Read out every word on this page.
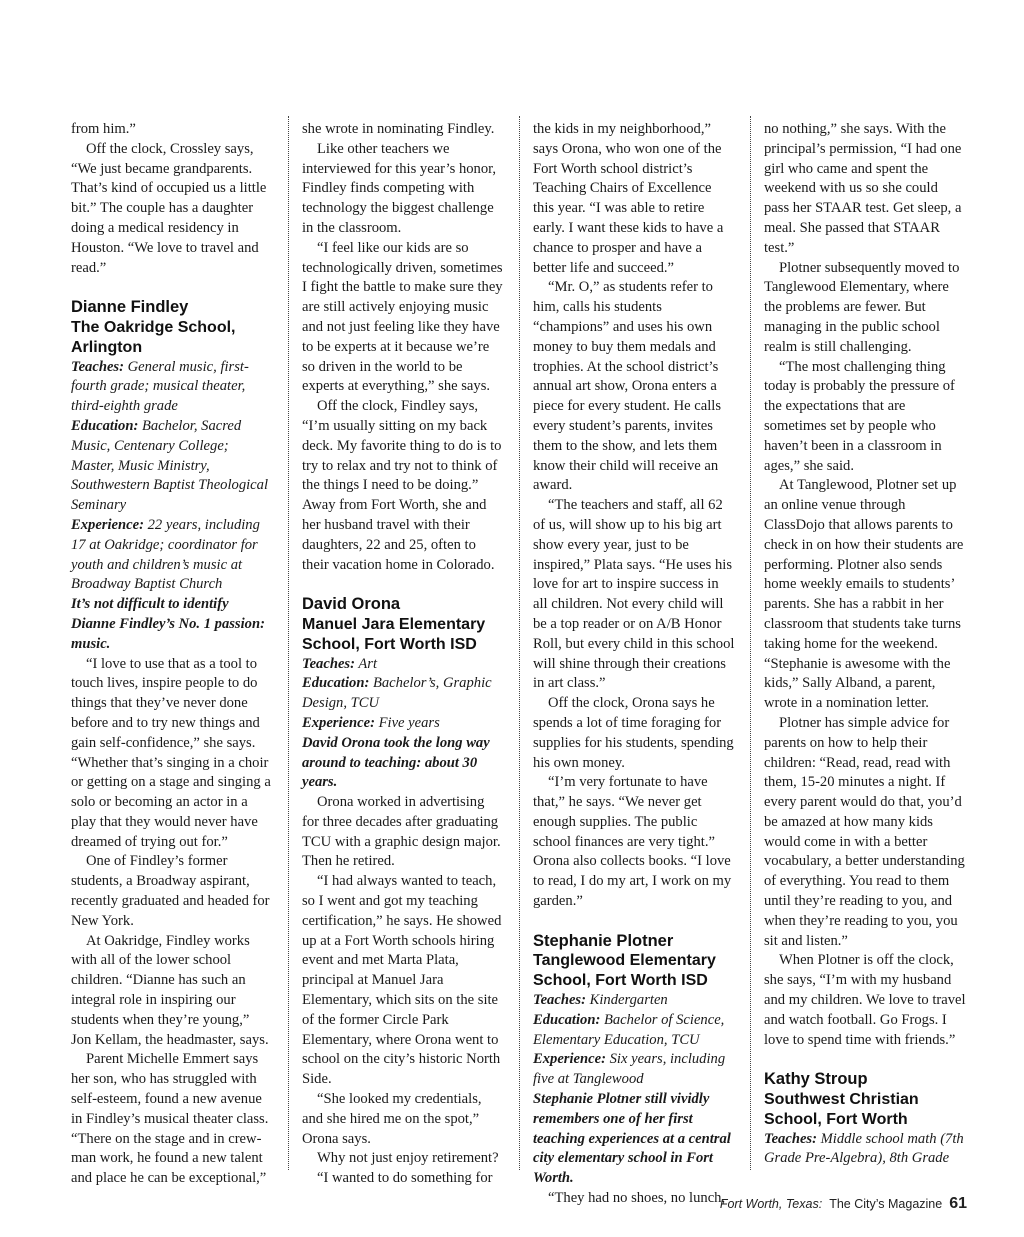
from him.”

Off the clock, Crossley says, “We just became grandparents. That’s kind of occupied us a little bit.” The couple has a daughter doing a medical residency in Houston. “We love to travel and read.”

Dianne Findley
The Oakridge School, Arlington
Teaches: General music, first-fourth grade; musical theater, third-eighth grade
Education: Bachelor, Sacred Music, Centenary College; Master, Music Ministry, Southwestern Baptist Theological Seminary
Experience: 22 years, including 17 at Oakridge; coordinator for youth and children’s music at Broadway Baptist Church
It’s not difficult to identify Dianne Findley’s No. 1 passion: music.

“I love to use that as a tool to touch lives, inspire people to do things that they’ve never done before and to try new things and gain self-confidence,” she says. “Whether that’s singing in a choir or getting on a stage and singing a solo or becoming an actor in a play that they would never have dreamed of trying out for.”

One of Findley’s former students, a Broadway aspirant, recently graduated and headed for New York.

At Oakridge, Findley works with all of the lower school children. “Dianne has such an integral role in inspiring our students when they’re young,” Jon Kellam, the headmaster, says.

Parent Michelle Emmert says her son, who has struggled with self-esteem, found a new avenue in Findley’s musical theater class. “There on the stage and in crew-man work, he found a new talent and place he can be exceptional,”

she wrote in nominating Findley.

Like other teachers we interviewed for this year’s honor, Findley finds competing with technology the biggest challenge in the classroom.

“I feel like our kids are so technologically driven, sometimes I fight the battle to make sure they are still actively enjoying music and not just feeling like they have to be experts at it because we’re so driven in the world to be experts at everything,” she says.

Off the clock, Findley says, “I’m usually sitting on my back deck. My favorite thing to do is to try to relax and try not to think of the things I need to be doing.” Away from Fort Worth, she and her husband travel with their daughters, 22 and 25, often to their vacation home in Colorado.

David Orona
Manuel Jara Elementary School, Fort Worth ISD
Teaches: Art
Education: Bachelor’s, Graphic Design, TCU
Experience: Five years
David Orona took the long way around to teaching: about 30 years.

Orona worked in advertising for three decades after graduating TCU with a graphic design major. Then he retired.

“I had always wanted to teach, so I went and got my teaching certification,” he says. He showed up at a Fort Worth schools hiring event and met Marta Plata, principal at Manuel Jara Elementary, which sits on the site of the former Circle Park Elementary, where Orona went to school on the city’s historic North Side.

“She looked my credentials, and she hired me on the spot,” Orona says.

Why not just enjoy retirement?

“I wanted to do something for

the kids in my neighborhood,” says Orona, who won one of the Fort Worth school district’s Teaching Chairs of Excellence this year. “I was able to retire early. I want these kids to have a chance to prosper and have a better life and succeed.”

“Mr. O,” as students refer to him, calls his students “champions” and uses his own money to buy them medals and trophies. At the school district’s annual art show, Orona enters a piece for every student. He calls every student’s parents, invites them to the show, and lets them know their child will receive an award.

“The teachers and staff, all 62 of us, will show up to his big art show every year, just to be inspired,” Plata says. “He uses his love for art to inspire success in all children. Not every child will be a top reader or on A/B Honor Roll, but every child in this school will shine through their creations in art class.”

Off the clock, Orona says he spends a lot of time foraging for supplies for his students, spending his own money.

“I’m very fortunate to have that,” he says. “We never get enough supplies. The public school finances are very tight.” Orona also collects books. “I love to read, I do my art, I work on my garden.”

Stephanie Plotner
Tanglewood Elementary School, Fort Worth ISD
Teaches: Kindergarten
Education: Bachelor of Science, Elementary Education, TCU
Experience: Six years, including five at Tanglewood
Stephanie Plotner still vividly remembers one of her first teaching experiences at a central city elementary school in Fort Worth.

“They had no shoes, no lunch,

no nothing,” she says. With the principal’s permission, “I had one girl who came and spent the weekend with us so she could pass her STAAR test. Get sleep, a meal. She passed that STAAR test.”

Plotner subsequently moved to Tanglewood Elementary, where the problems are fewer. But managing in the public school realm is still challenging.

“The most challenging thing today is probably the pressure of the expectations that are sometimes set by people who haven’t been in a classroom in ages,” she said.

At Tanglewood, Plotner set up an online venue through ClassDojo that allows parents to check in on how their students are performing. Plotner also sends home weekly emails to students’ parents. She has a rabbit in her classroom that students take turns taking home for the weekend. “Stephanie is awesome with the kids,” Sally Alband, a parent, wrote in a nomination letter.

Plotner has simple advice for parents on how to help their children: “Read, read, read with them, 15-20 minutes a night. If every parent would do that, you’d be amazed at how many kids would come in with a better vocabulary, a better understanding of everything. You read to them until they’re reading to you, and when they’re reading to you, you sit and listen.”

When Plotner is off the clock, she says, “I’m with my husband and my children. We love to travel and watch football. Go Frogs. I love to spend time with friends.”

Kathy Stroup
Southwest Christian School, Fort Worth
Teaches: Middle school math (7th Grade Pre-Algebra), 8th Grade
Fort Worth, Texas: The City’s Magazine 61
